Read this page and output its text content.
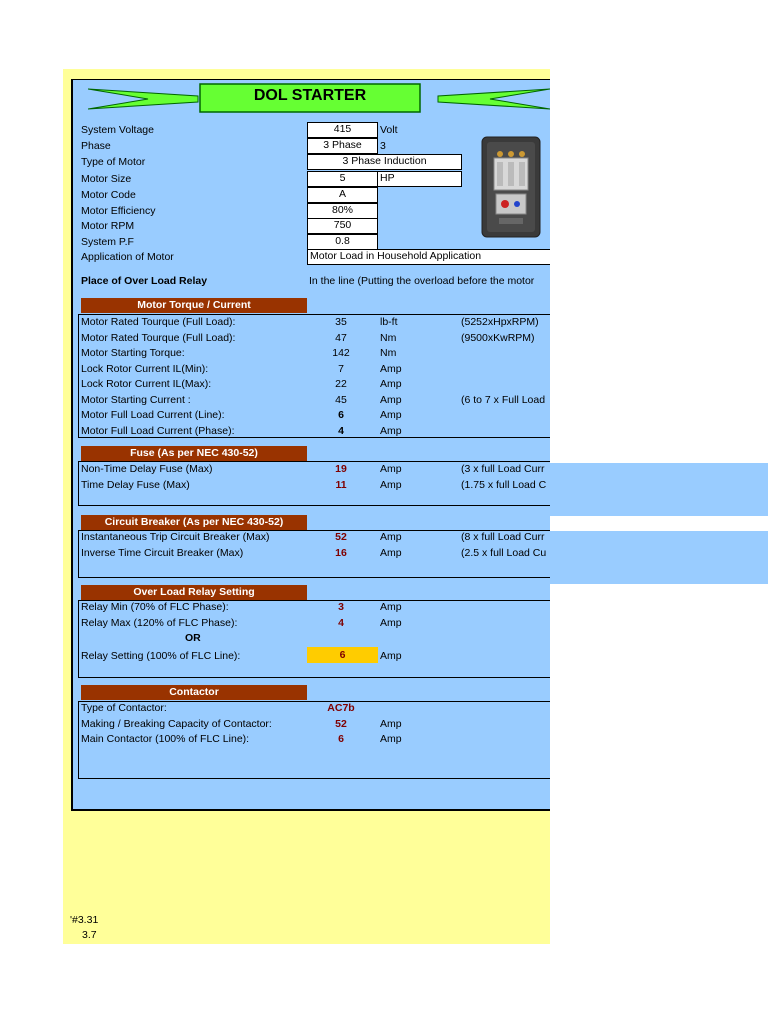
DOL STARTER
System Voltage	415	Volt
Phase	3 Phase	3
Type of Motor	3 Phase Induction
Motor Size	5	HP
Motor Code	A
Motor Efficiency	80%
Motor RPM	750
System P.F	0.8
Application of Motor	Motor Load in Household Application
Place of Over Load Relay	In the line (Putting the overload before the motor
Motor Torque / Current
Motor Rated Tourque (Full Load):	35	lb-ft	(5252xHpxRPM)
Motor Rated Tourque (Full Load):	47	Nm	(9500xKwRPM)
Motor Starting Torque:	142	Nm
Lock Rotor Current IL(Min):	7	Amp
Lock Rotor Current IL(Max):	22	Amp
Motor Starting Current :	45	Amp	(6 to 7 x Full Load
Motor Full Load Current (Line):	6	Amp
Motor Full Load Current (Phase):	4	Amp
Fuse (As per NEC 430-52)
Non-Time Delay Fuse (Max)	19	Amp	(3 x full Load Curr
Time Delay Fuse (Max)	11	Amp	(1.75 x full Load C
Circuit Breaker (As per NEC 430-52)
Instantaneous Trip Circuit Breaker (Max)	52	Amp	(8 x full Load Curr
Inverse Time Circuit Breaker (Max)	16	Amp	(2.5 x full Load Cu
Over Load Relay Setting
Relay Min (70% of FLC Phase):	3	Amp
Relay Max (120% of FLC Phase):	4	Amp
OR
Relay Setting (100% of FLC Line):	6	Amp
Contactor
Type of Contactor:	AC7b
Making / Breaking Capacity of Contactor:	52	Amp
Main Contactor (100% of FLC Line):	6	Amp
'#3.31
3.7
